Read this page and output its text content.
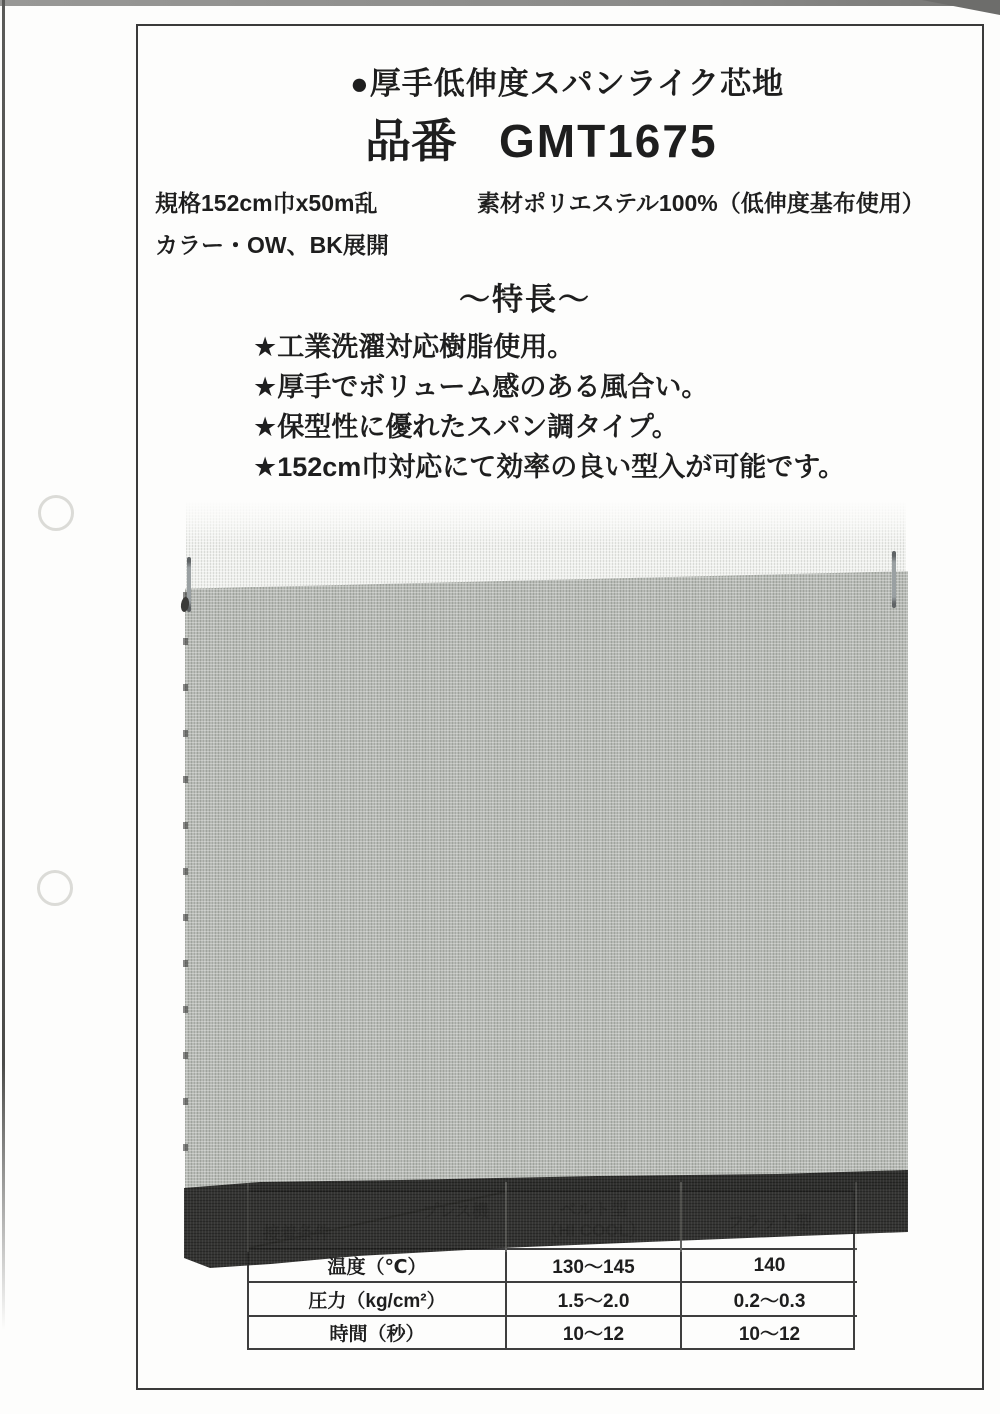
●厚手低伸度スパンライク芯地
品番 GMT1675
規格152cm巾x50m乱	素材ポリエステル100%（低伸度基布使用）
カラー・OW、BK展開
～特長～
★工業洗濯対応樹脂使用。
★厚手でボリューム感のある風合い。
★保型性に優れたスパン調タイプ。
★152cm巾対応にて効率の良い型入が可能です。
温度（℃）	130～145	140
圧力（kg/cm²）	1.5～2.0	0.2～0.3
時間（秒）	10～12	10～12
